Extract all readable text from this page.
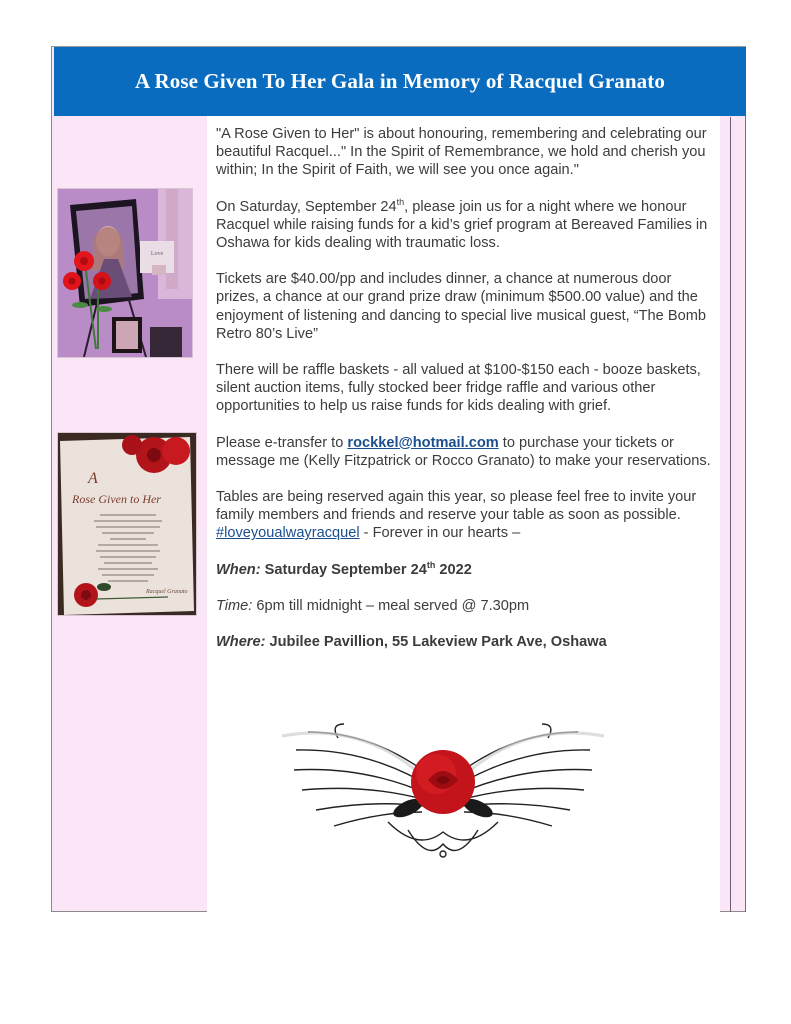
A Rose Given To Her Gala in Memory of Racquel Granato
Love
A
Rose Given to Her
Racquel Granato

"A Rose Given to Her" is about honouring, remembering and celebrating our beautiful Racquel..." In the Spirit of Remembrance, we hold and cherish you within; In the Spirit of Faith, we will see you once again."

On Saturday, September 24th, please join us for a night where we honour Racquel while raising funds for a kid’s grief program at Bereaved Families in Oshawa for kids dealing with traumatic loss.

Tickets are $40.00/pp and includes dinner, a chance at numerous door prizes, a chance at our grand prize draw (minimum $500.00 value) and the enjoyment of listening and dancing to special live musical guest, “The Bomb Retro 80’s Live”

There will be raffle baskets - all valued at $100-$150 each - booze baskets, silent auction items, fully stocked beer fridge raffle and various other opportunities to help us raise funds for kids dealing with grief.

Please e-transfer to rockkel@hotmail.com to purchase your tickets or message me (Kelly Fitzpatrick or Rocco Granato) to make your reservations.

Tables are being reserved again this year, so please feel free to invite your family members and friends and reserve your table as soon as possible. #loveyoualwayracquel - Forever in our hearts –

When: Saturday September 24th 2022

Time: 6pm till midnight – meal served @ 7.30pm

Where: Jubilee Pavillion, 55 Lakeview Park Ave, Oshawa
